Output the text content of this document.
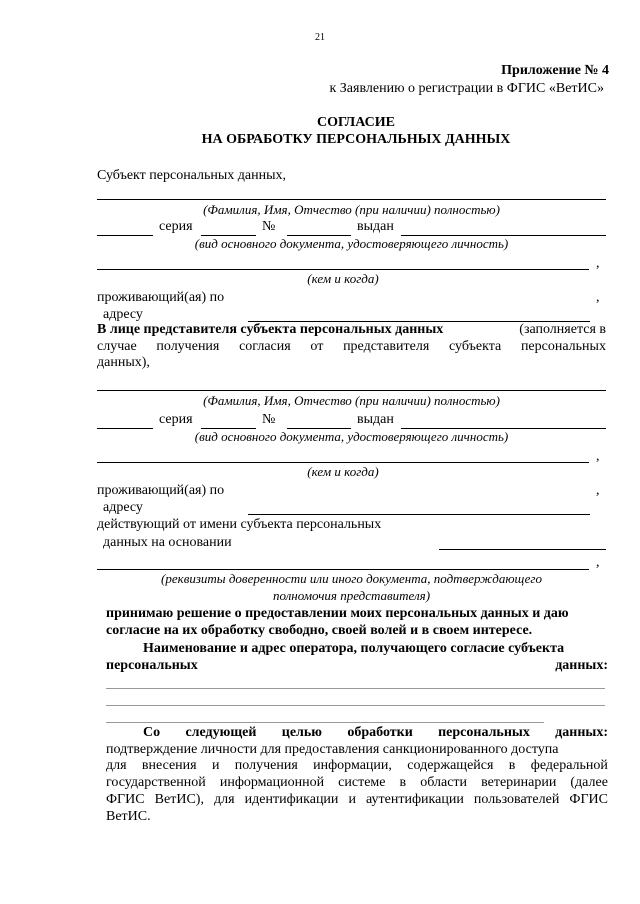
21
Приложение № 4
к Заявлению о регистрации в ФГИС «ВетИС»
СОГЛАСИЕ
НА ОБРАБОТКУ ПЕРСОНАЛЬНЫХ ДАННЫХ
Субъект персональных данных,
(Фамилия, Имя, Отчество (при наличии) полностью)
серия	№	выдан
(вид основного документа, удостоверяющего личность)
,
(кем и когда)
проживающий(ая) по	,
адресу
В лице представителя субъекта персональных данных	(заполняется в
случае получения согласия от представителя субъекта персональных
данных),
(Фамилия, Имя, Отчество (при наличии) полностью)
серия	№	выдан
(вид основного документа, удостоверяющего личность)
,
(кем и когда)
проживающий(ая) по	,
адресу
действующий от имени субъекта персональных
данных на основании
,
(реквизиты доверенности или иного документа, подтверждающего
полномочия представителя)
принимаю решение о предоставлении моих персональных данных и даю
согласие на их обработку свободно, своей волей и в своем интересе.
Наименование и адрес оператора, получающего согласие субъекта
персональных	данных:
Со следующей целью обработки персональных данных:
подтверждение личности для предоставления санкционированного доступа
для внесения и получения информации, содержащейся в федеральной
государственной информационной системе в области ветеринарии (далее
ФГИС ВетИС), для идентификации и аутентификации пользователей ФГИС
ВетИС.
